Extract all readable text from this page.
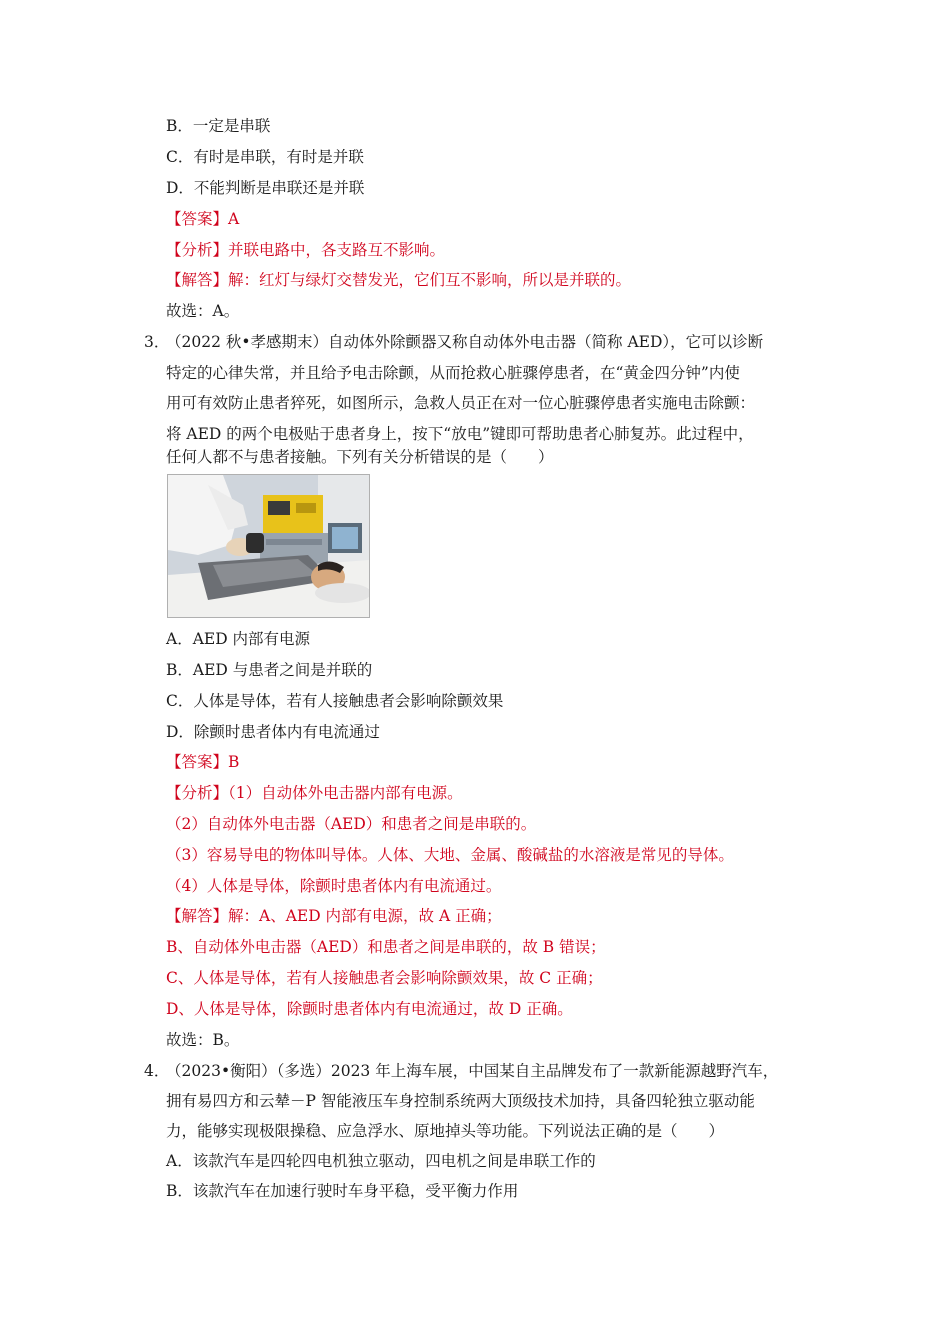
B．一定是串联
C．有时是串联，有时是并联
D．不能判断是串联还是并联
【答案】A
【分析】并联电路中，各支路互不影响。
【解答】解：红灯与绿灯交替发光，它们互不影响，所以是并联的。
故选：A。
3．
（2022 秋•孝感期末）自动体外除颤器又称自动体外电击器（简称 AED），它可以诊断
特定的心律失常，并且给予电击除颤，从而抢救心脏骤停患者，在“黄金四分钟”内使
用可有效防止患者猝死，如图所示，急救人员正在对一位心脏骤停患者实施电击除颤：
将 AED 的两个电极贴于患者身上，按下“放电”键即可帮助患者心肺复苏。此过程中，
任何人都不与患者接触。下列有关分析错误的是（　　）
A．AED 内部有电源
B．AED 与患者之间是并联的
C．人体是导体，若有人接触患者会影响除颤效果
D．除颤时患者体内有电流通过
【答案】B
【分析】（1）自动体外电击器内部有电源。
（2）自动体外电击器（AED）和患者之间是串联的。
（3）容易导电的物体叫导体。人体、大地、金属、酸碱盐的水溶液是常见的导体。
（4）人体是导体，除颤时患者体内有电流通过。
【解答】解：A、AED 内部有电源，故 A 正确；
B、自动体外电击器（AED）和患者之间是串联的，故 B 错误；
C、人体是导体，若有人接触患者会影响除颤效果，故 C 正确；
D、人体是导体，除颤时患者体内有电流通过，故 D 正确。
故选：B。
4．
（2023•衡阳）（多选）2023 年上海车展，中国某自主品牌发布了一款新能源越野汽车，
拥有易四方和云辇－P 智能液压车身控制系统两大顶级技术加持，具备四轮独立驱动能
力，能够实现极限操稳、应急浮水、原地掉头等功能。下列说法正确的是（　　）
A．该款汽车是四轮四电机独立驱动，四电机之间是串联工作的
B．该款汽车在加速行驶时车身平稳，受平衡力作用
